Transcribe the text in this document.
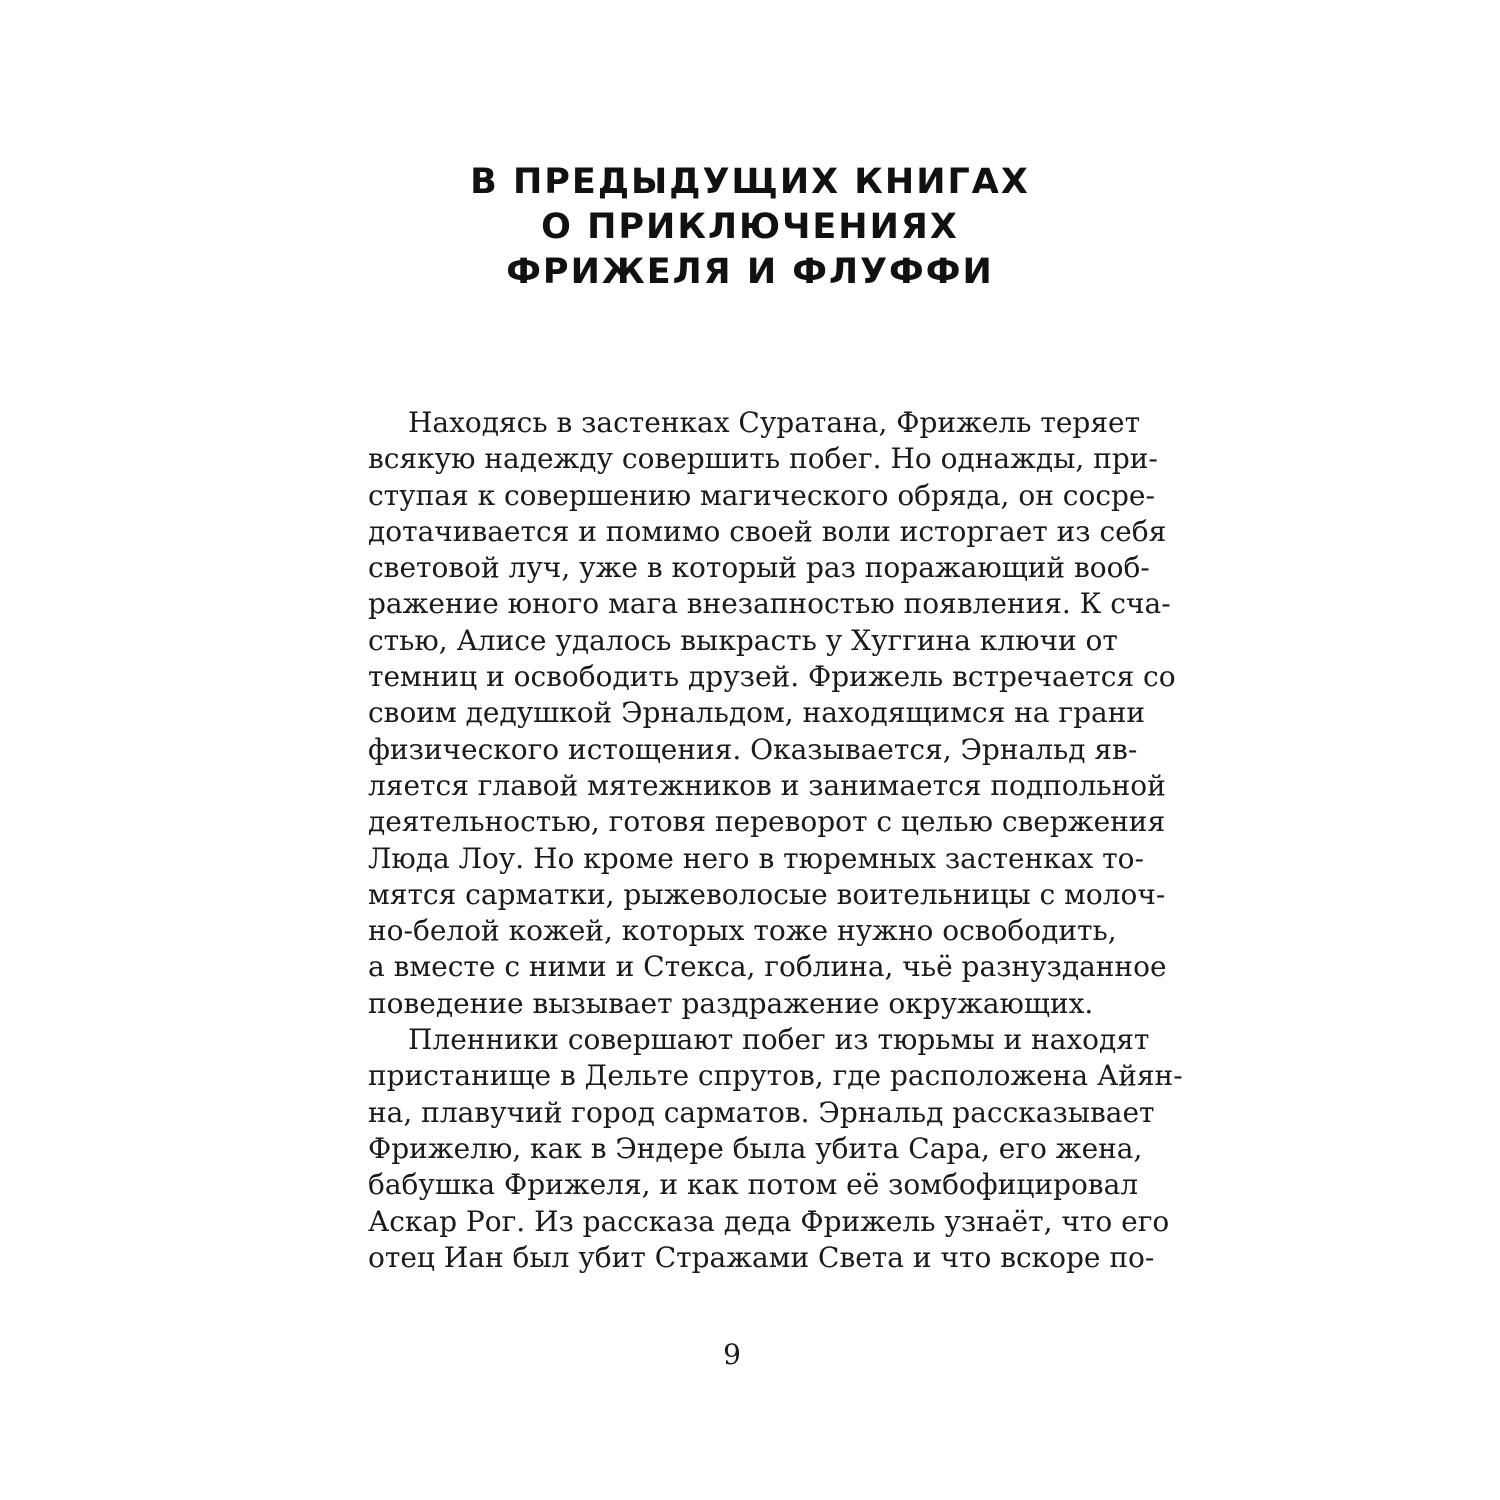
В ПРЕДЫДУЩИХ КНИГАХ
О ПРИКЛЮЧЕНИЯХ
ФРИЖЕЛЯ И ФЛУФФИ
Находясь в застенках Суратана, Фрижель теряет
всякую надежду совершить побег. Но однажды, при-
ступая к совершению магического обряда, он сосре-
дотачивается и помимо своей воли исторгает из себя
световой луч, уже в который раз поражающий вооб-
ражение юного мага внезапностью появления. К сча-
стью, Алисе удалось выкрасть у Хуггина ключи от
темниц и освободить друзей. Фрижель встречается со
своим дедушкой Эрнальдом, находящимся на грани
физического истощения. Оказывается, Эрнальд яв-
ляется главой мятежников и занимается подпольной
деятельностью, готовя переворот с целью свержения
Люда Лоу. Но кроме него в тюремных застенках то-
мятся сарматки, рыжеволосые воительницы с молоч-
но-белой кожей, которых тоже нужно освободить,
а вместе с ними и Стекса, гоблина, чьё разнузданное
поведение вызывает раздражение окружающих.
Пленники совершают побег из тюрьмы и находят
пристанище в Дельте спрутов, где расположена Айян-
на, плавучий город сарматов. Эрнальд рассказывает
Фрижелю, как в Эндере была убита Сара, его жена,
бабушка Фрижеля, и как потом её зомбофицировал
Аскар Рог. Из рассказа деда Фрижель узнаёт, что его
отец Иан был убит Стражами Света и что вскоре по-
9
